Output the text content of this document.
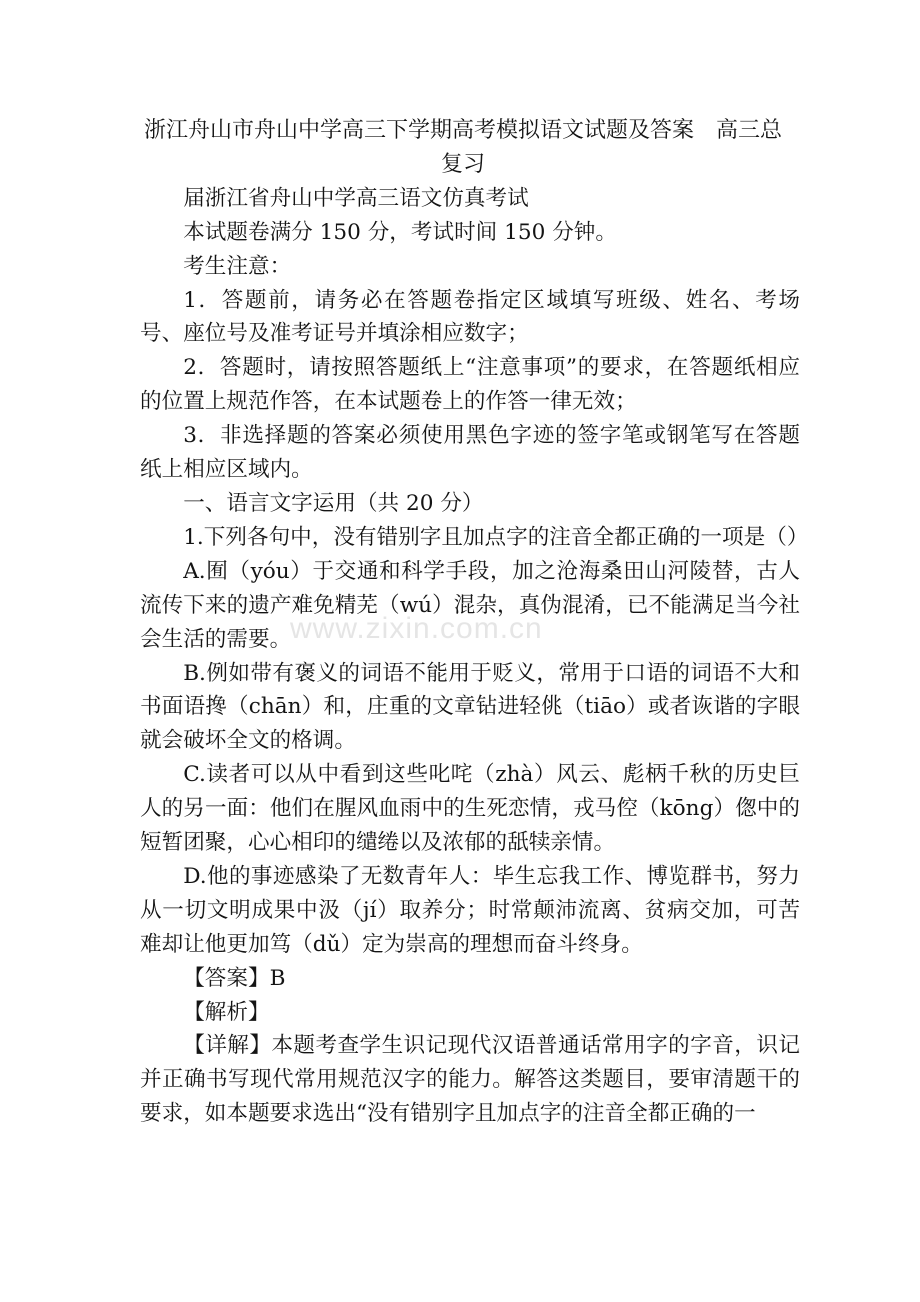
www.zixin.com.cn
浙江舟山市舟山中学高三下学期高考模拟语文试题及答案　高三总复习

届浙江省舟山中学高三语文仿真考试

本试题卷满分 150 分，考试时间 150 分钟。

考生注意：

1．答题前，请务必在答题卷指定区域填写班级、姓名、考场号、座位号及准考证号并填涂相应数字；

2．答题时，请按照答题纸上“注意事项”的要求，在答题纸相应的位置上规范作答，在本试题卷上的作答一律无效；

3．非选择题的答案必须使用黑色字迹的签字笔或钢笔写在答题纸上相应区域内。

一、语言文字运用（共 20 分）

1.下列各句中，没有错别字且加点字的注音全都正确的一项是（）

A.囿（yóu）于交通和科学手段，加之沧海桑田山河陵替，古人流传下来的遗产难免精芜（wú）混杂，真伪混淆，已不能满足当今社会生活的需要。

B.例如带有褒义的词语不能用于贬义，常用于口语的词语不大和书面语搀（chān）和，庄重的文章钻进轻佻（tiāo）或者诙谐的字眼就会破坏全文的格调。

C.读者可以从中看到这些叱咤（zhà）风云、彪柄千秋的历史巨人的另一面：他们在腥风血雨中的生死恋情，戎马倥（kōng）偬中的短暂团聚，心心相印的缱绻以及浓郁的舐犊亲情。

D.他的事迹感染了无数青年人：毕生忘我工作、博览群书，努力从一切文明成果中汲（jí）取养分；时常颠沛流离、贫病交加，可苦难却让他更加笃（dǔ）定为崇高的理想而奋斗终身。

【答案】B

【解析】

【详解】本题考查学生识记现代汉语普通话常用字的字音，识记并正确书写现代常用规范汉字的能力。解答这类题目，要审清题干的要求，如本题要求选出“没有错别字且加点字的注音全都正确的一
